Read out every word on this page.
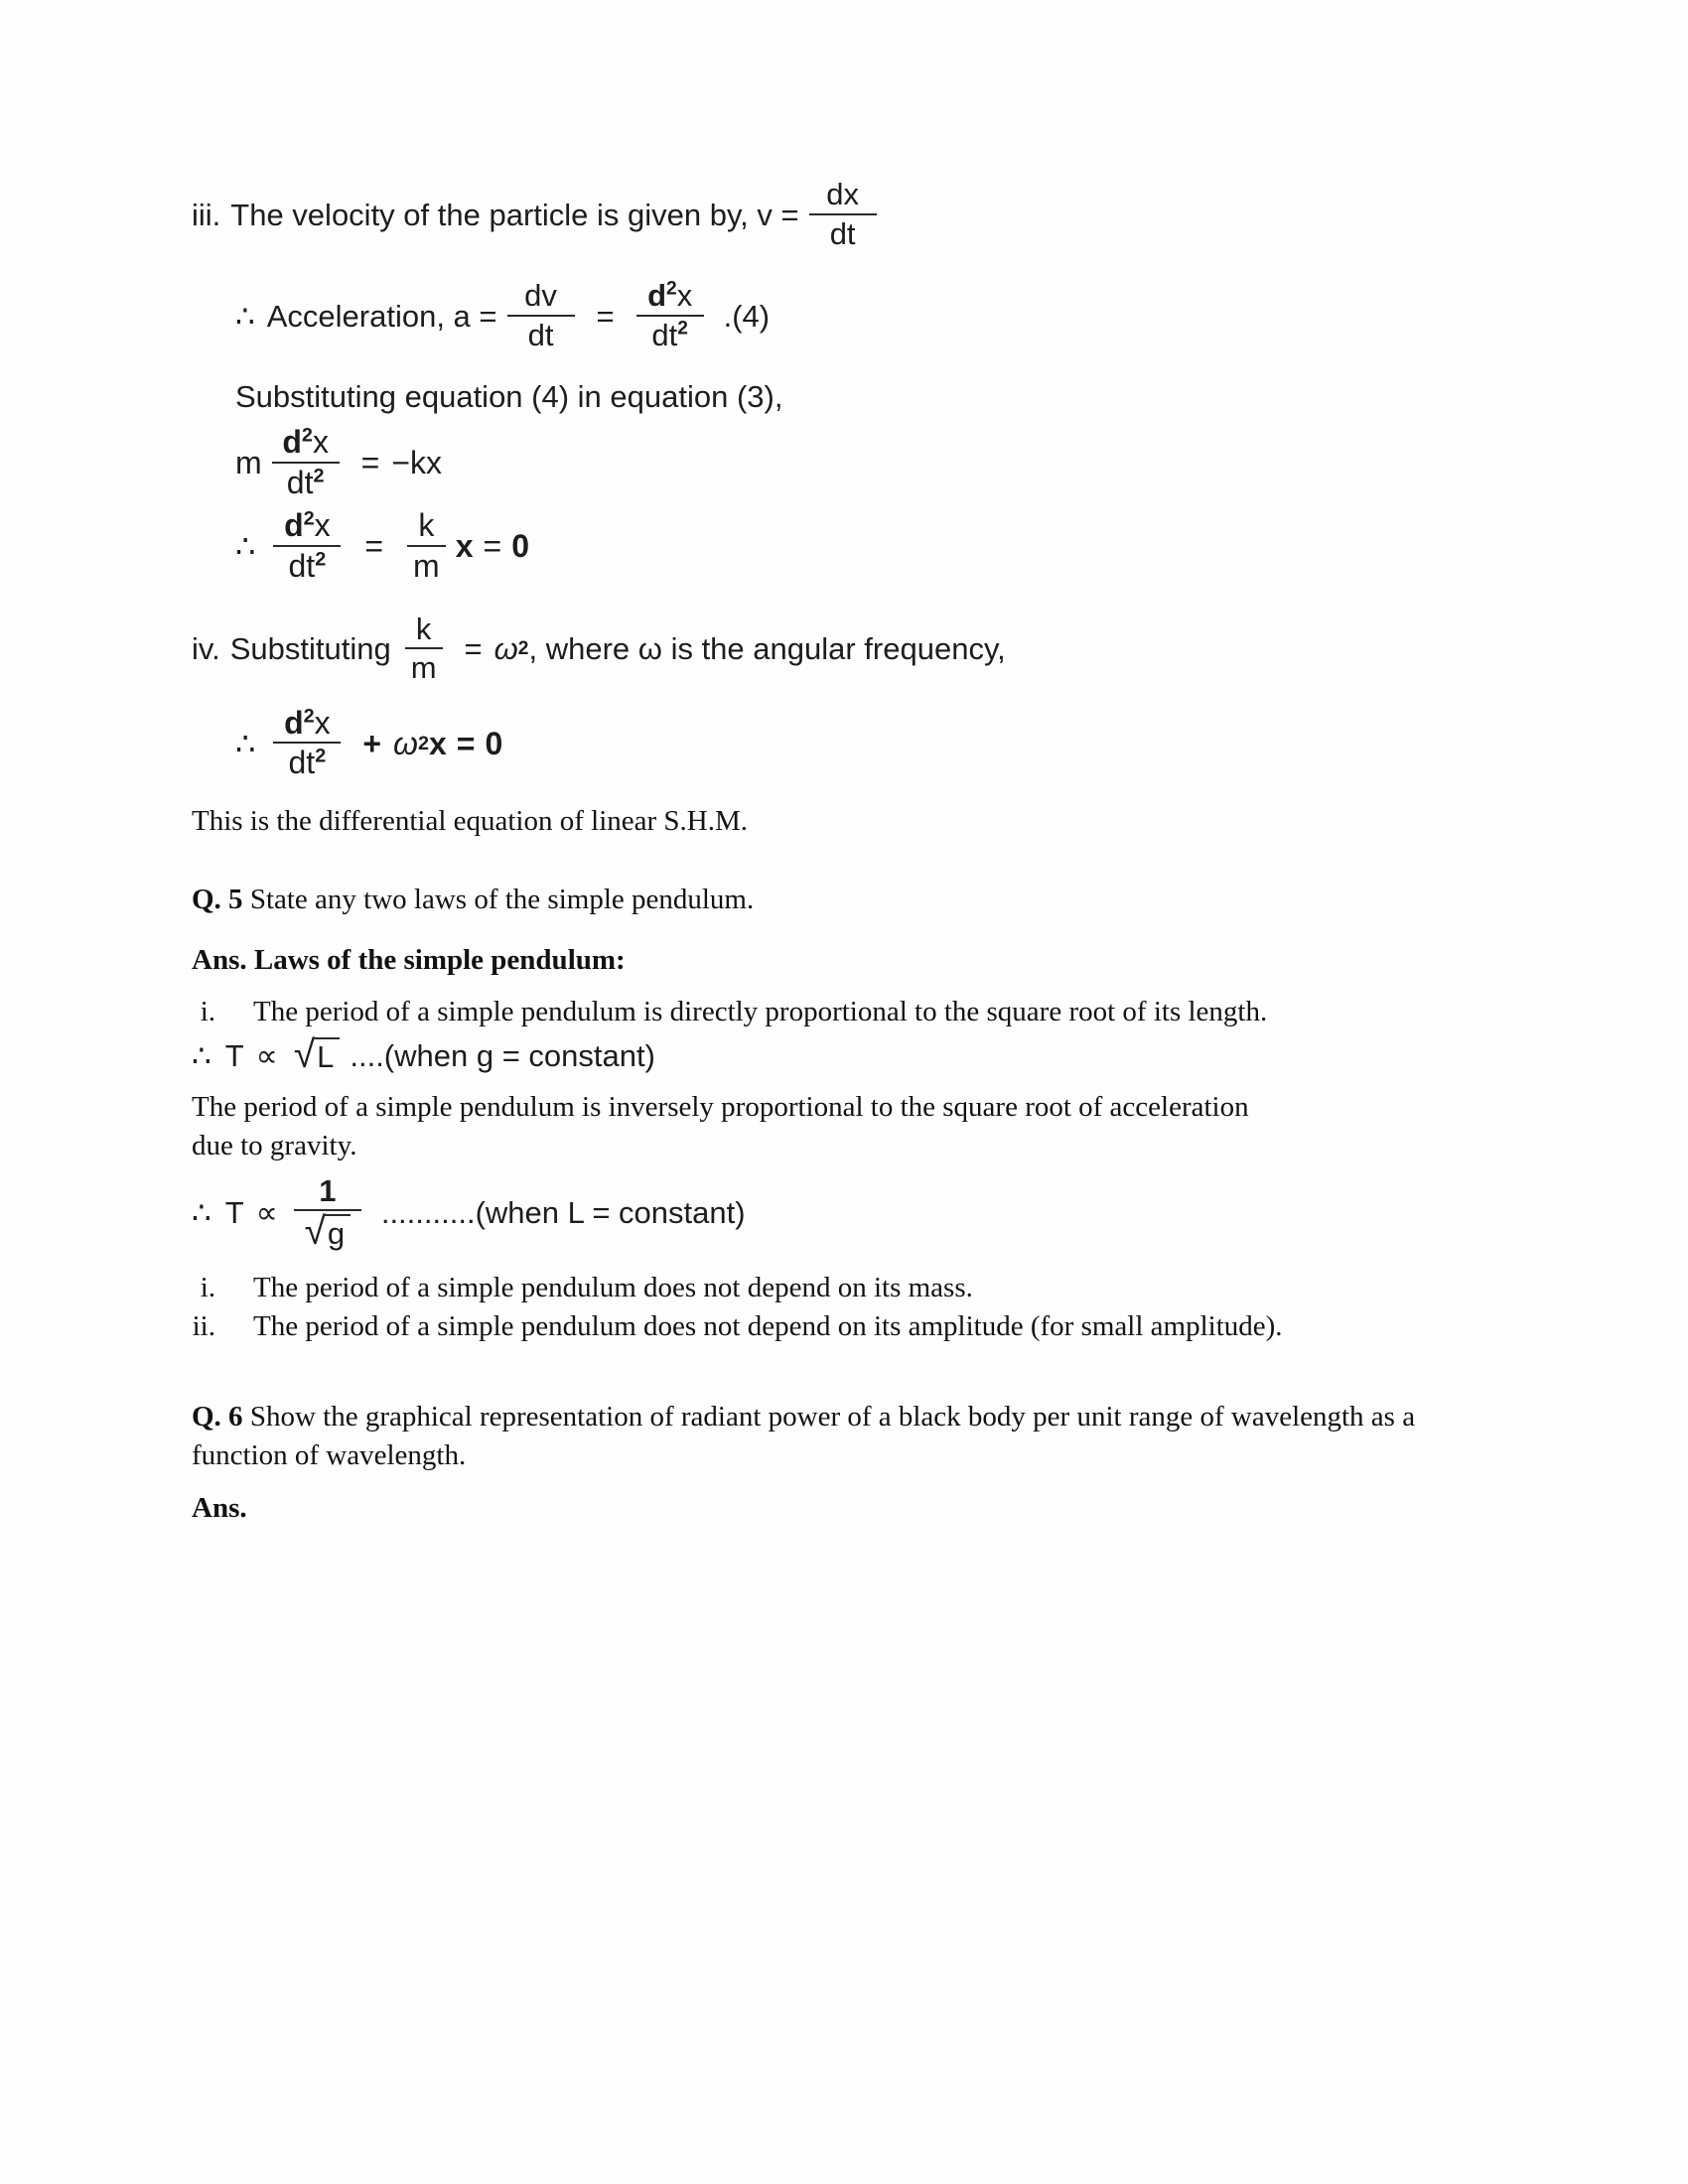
iii. The velocity of the particle is given by, $v = \frac{dx}{dt}$
∴ Acceleration, $a = \frac{dv}{dt} = \frac{d^2x}{dt^2} .(4)$
Substituting equation (4) in equation (3),
m $\frac{d^2x}{dt^2} = -kx$
∴ $\frac{d^2x}{dt^2} = \frac{k}{m}$ x = 0
iv. Substituting $\frac{k}{m} = \omega$ 2 , where ω is the angular frequency,
∴ $\frac{d^2x}{dt^2} + \omega$ 2 x = 0

This is the differential equation of linear S.H.M.

Q. 5 State any two laws of the simple pendulum.

Ans. Laws of the simple pendulum:

i.	The period of a simple pendulum is directly proportional to the square root of its length.
∴ T ∝ √ L ....(when g = constant)

The period of a simple pendulum is inversely proportional to the square root of acceleration due to gravity.

∴ $T \propto \frac{1}{√ g}$ ...........(when L = constant)
i.	The period of a simple pendulum does not depend on its mass.
ii.	The period of a simple pendulum does not depend on its amplitude (for small amplitude).

Q. 6 Show the graphical representation of radiant power of a black body per unit range of wavelength as a function of wavelength.

Ans.
